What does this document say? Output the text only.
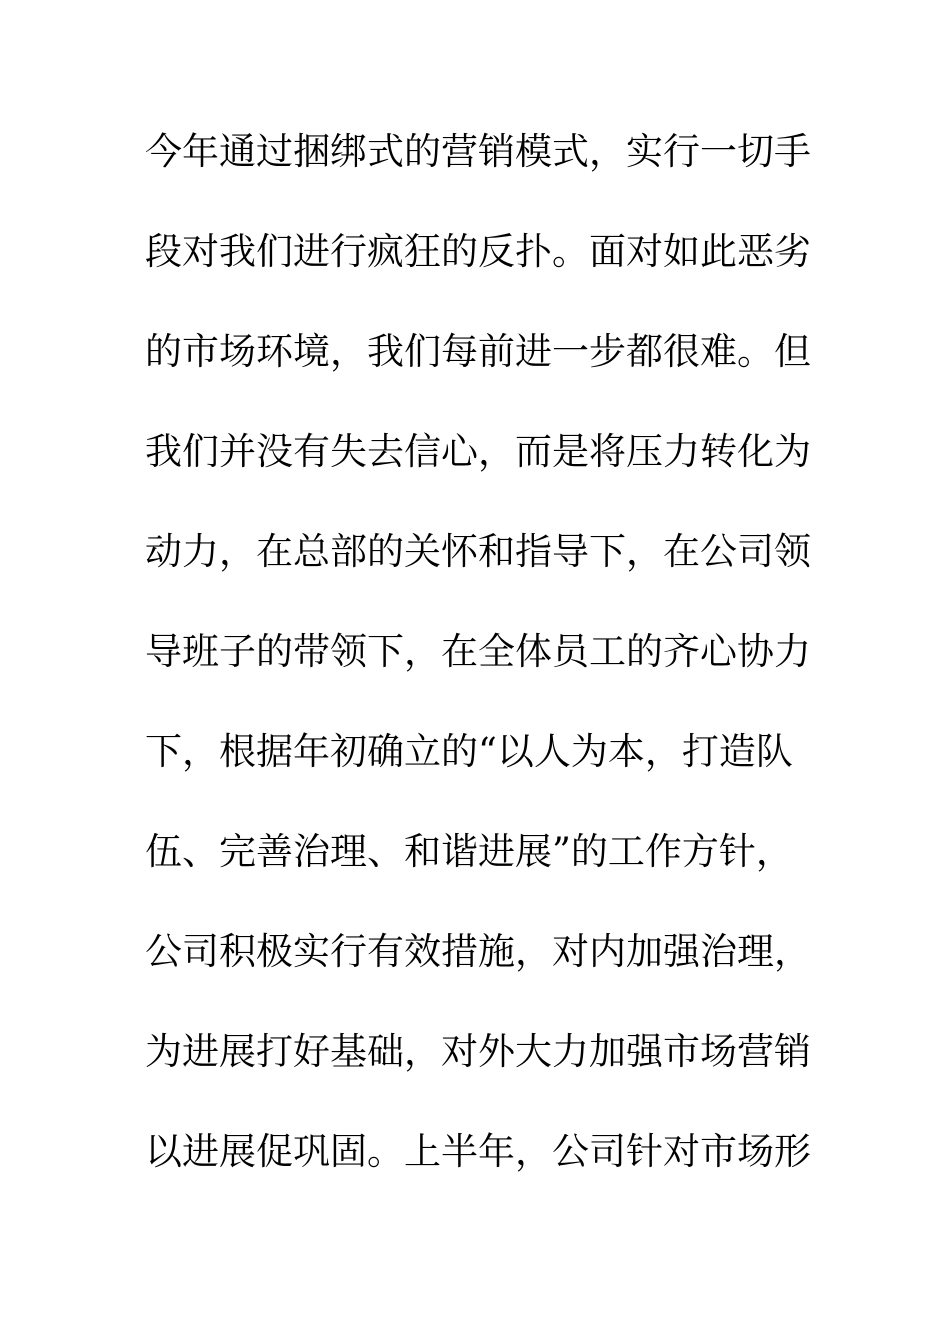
今年通过捆绑式的营销模式，实行一切手
段对我们进行疯狂的反扑。面对如此恶劣
的市场环境，我们每前进一步都很难。但
我们并没有失去信心，而是将压力转化为
动力，在总部的关怀和指导下，在公司领
导班子的带领下，在全体员工的齐心协力
下，根据年初确立的“以人为本，打造队
伍、完善治理、和谐进展”的工作方针，
公司积极实行有效措施，对内加强治理，
为进展打好基础，对外大力加强市场营销
以进展促巩固。上半年，公司针对市场形
